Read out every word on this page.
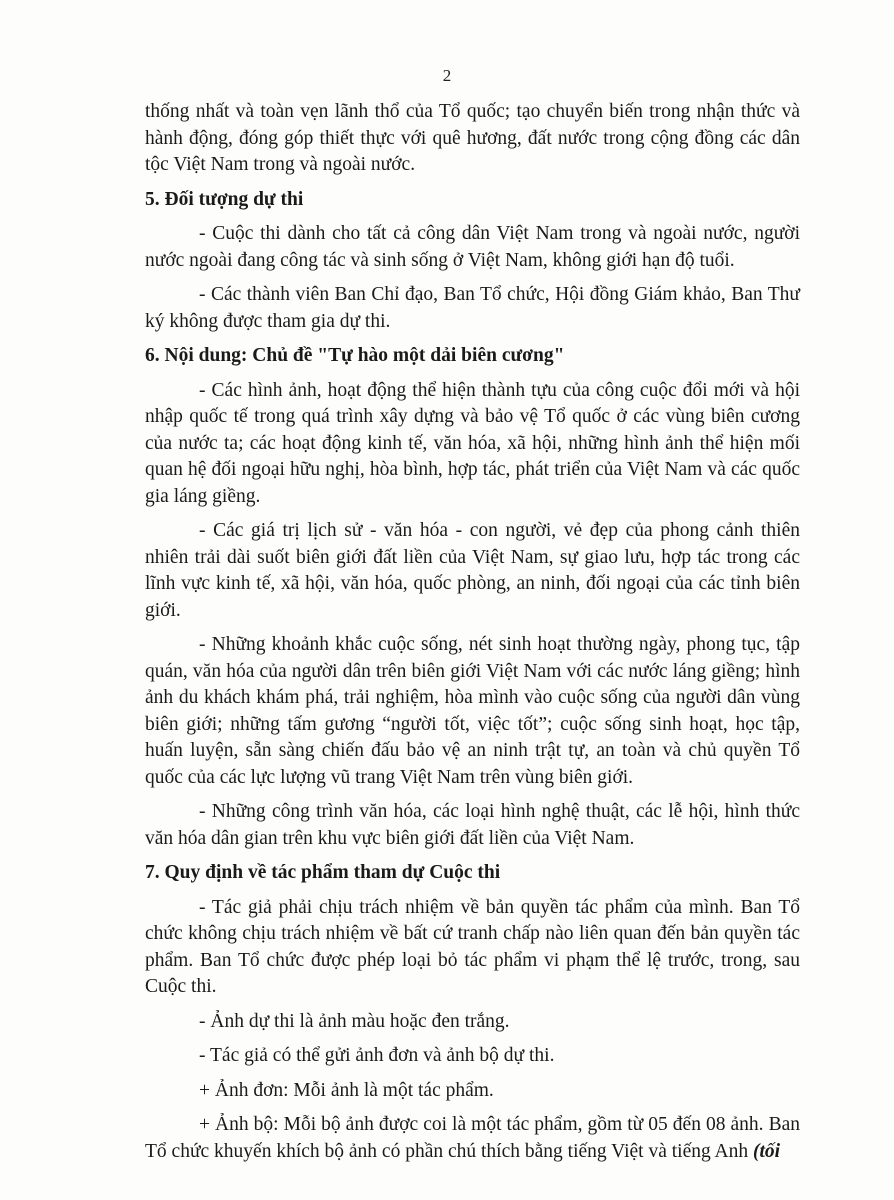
2

thống nhất và toàn vẹn lãnh thổ của Tổ quốc; tạo chuyển biến trong nhận thức và hành động, đóng góp thiết thực với quê hương, đất nước trong cộng đồng các dân tộc Việt Nam trong và ngoài nước.

5. Đối tượng dự thi

- Cuộc thi dành cho tất cả công dân Việt Nam trong và ngoài nước, người nước ngoài đang công tác và sinh sống ở Việt Nam, không giới hạn độ tuổi.

- Các thành viên Ban Chỉ đạo, Ban Tổ chức, Hội đồng Giám khảo, Ban Thư ký không được tham gia dự thi.

6. Nội dung: Chủ đề "Tự hào một dải biên cương"

- Các hình ảnh, hoạt động thể hiện thành tựu của công cuộc đổi mới và hội nhập quốc tế trong quá trình xây dựng và bảo vệ Tổ quốc ở các vùng biên cương của nước ta; các hoạt động kinh tế, văn hóa, xã hội, những hình ảnh thể hiện mối quan hệ đối ngoại hữu nghị, hòa bình, hợp tác, phát triển của Việt Nam và các quốc gia láng giềng.

- Các giá trị lịch sử - văn hóa - con người, vẻ đẹp của phong cảnh thiên nhiên trải dài suốt biên giới đất liền của Việt Nam, sự giao lưu, hợp tác trong các lĩnh vực kinh tế, xã hội, văn hóa, quốc phòng, an ninh, đối ngoại của các tỉnh biên giới.

- Những khoảnh khắc cuộc sống, nét sinh hoạt thường ngày, phong tục, tập quán, văn hóa của người dân trên biên giới Việt Nam với các nước láng giềng; hình ảnh du khách khám phá, trải nghiệm, hòa mình vào cuộc sống của người dân vùng biên giới; những tấm gương “người tốt, việc tốt”; cuộc sống sinh hoạt, học tập, huấn luyện, sẵn sàng chiến đấu bảo vệ an ninh trật tự, an toàn và chủ quyền Tổ quốc của các lực lượng vũ trang Việt Nam trên vùng biên giới.

- Những công trình văn hóa, các loại hình nghệ thuật, các lễ hội, hình thức văn hóa dân gian trên khu vực biên giới đất liền của Việt Nam.

7. Quy định về tác phẩm tham dự Cuộc thi

- Tác giả phải chịu trách nhiệm về bản quyền tác phẩm của mình. Ban Tổ chức không chịu trách nhiệm về bất cứ tranh chấp nào liên quan đến bản quyền tác phẩm. Ban Tổ chức được phép loại bỏ tác phẩm vi phạm thể lệ trước, trong, sau Cuộc thi.

- Ảnh dự thi là ảnh màu hoặc đen trắng.

- Tác giả có thể gửi ảnh đơn và ảnh bộ dự thi.

+ Ảnh đơn: Mỗi ảnh là một tác phẩm.

+ Ảnh bộ: Mỗi bộ ảnh được coi là một tác phẩm, gồm từ 05 đến 08 ảnh. Ban Tổ chức khuyến khích bộ ảnh có phần chú thích bằng tiếng Việt và tiếng Anh (tối
